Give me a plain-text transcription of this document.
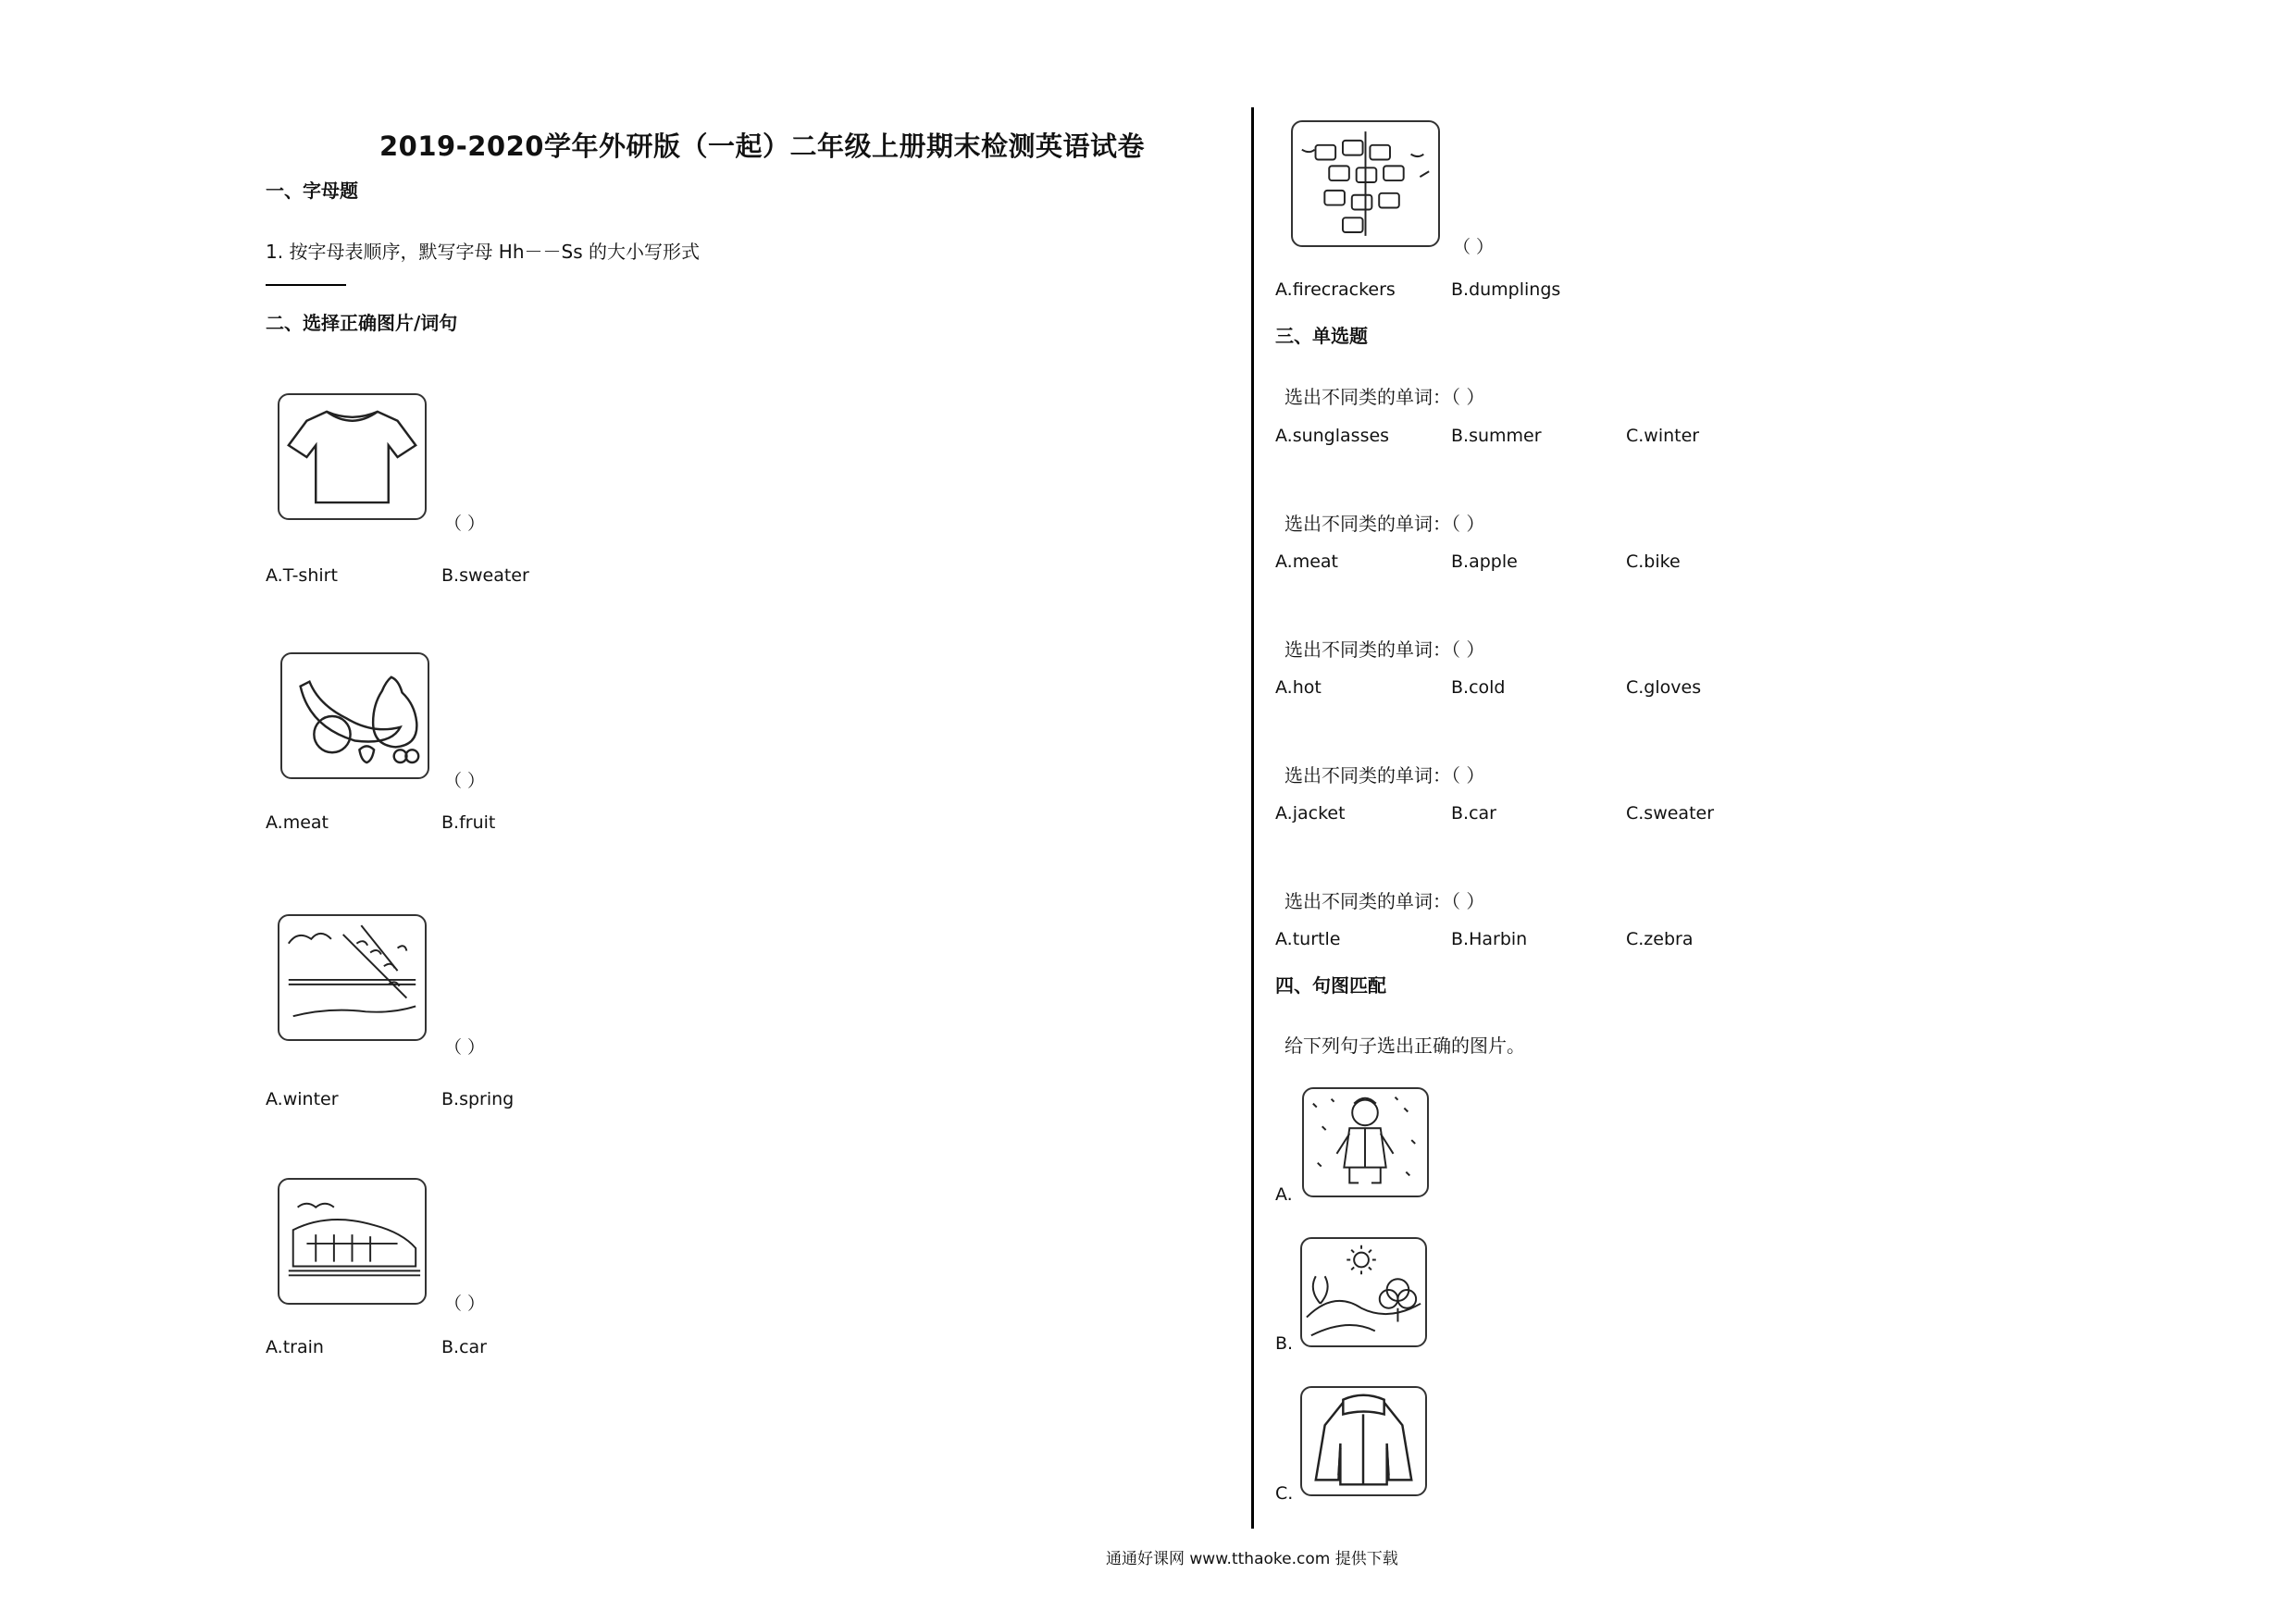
2019-2020学年外研版（一起）二年级上册期末检测英语试卷
一、字母题
1. 按字母表顺序，默写字母 Hh－－Ss 的大小写形式
二、选择正确图片/词句
（ ）
A.T-shirt	B.sweater
（ ）
A.meat	B.fruit
（ ）
A.winter	B.spring
（ ）
A.train	B.car
（ ）
A.firecrackers	B.dumplings
三、单选题
选出不同类的单词：（ ）
A.sunglasses	B.summer	C.winter
选出不同类的单词：（ ）
A.meat	B.apple	C.bike
选出不同类的单词：（ ）
A.hot	B.cold	C.gloves
选出不同类的单词：（ ）
A.jacket	B.car	C.sweater
选出不同类的单词：（ ）
A.turtle	B.Harbin	C.zebra
四、句图匹配
给下列句子选出正确的图片。
A.
B.
C.
通通好课网 www.tthaoke.com 提供下载
